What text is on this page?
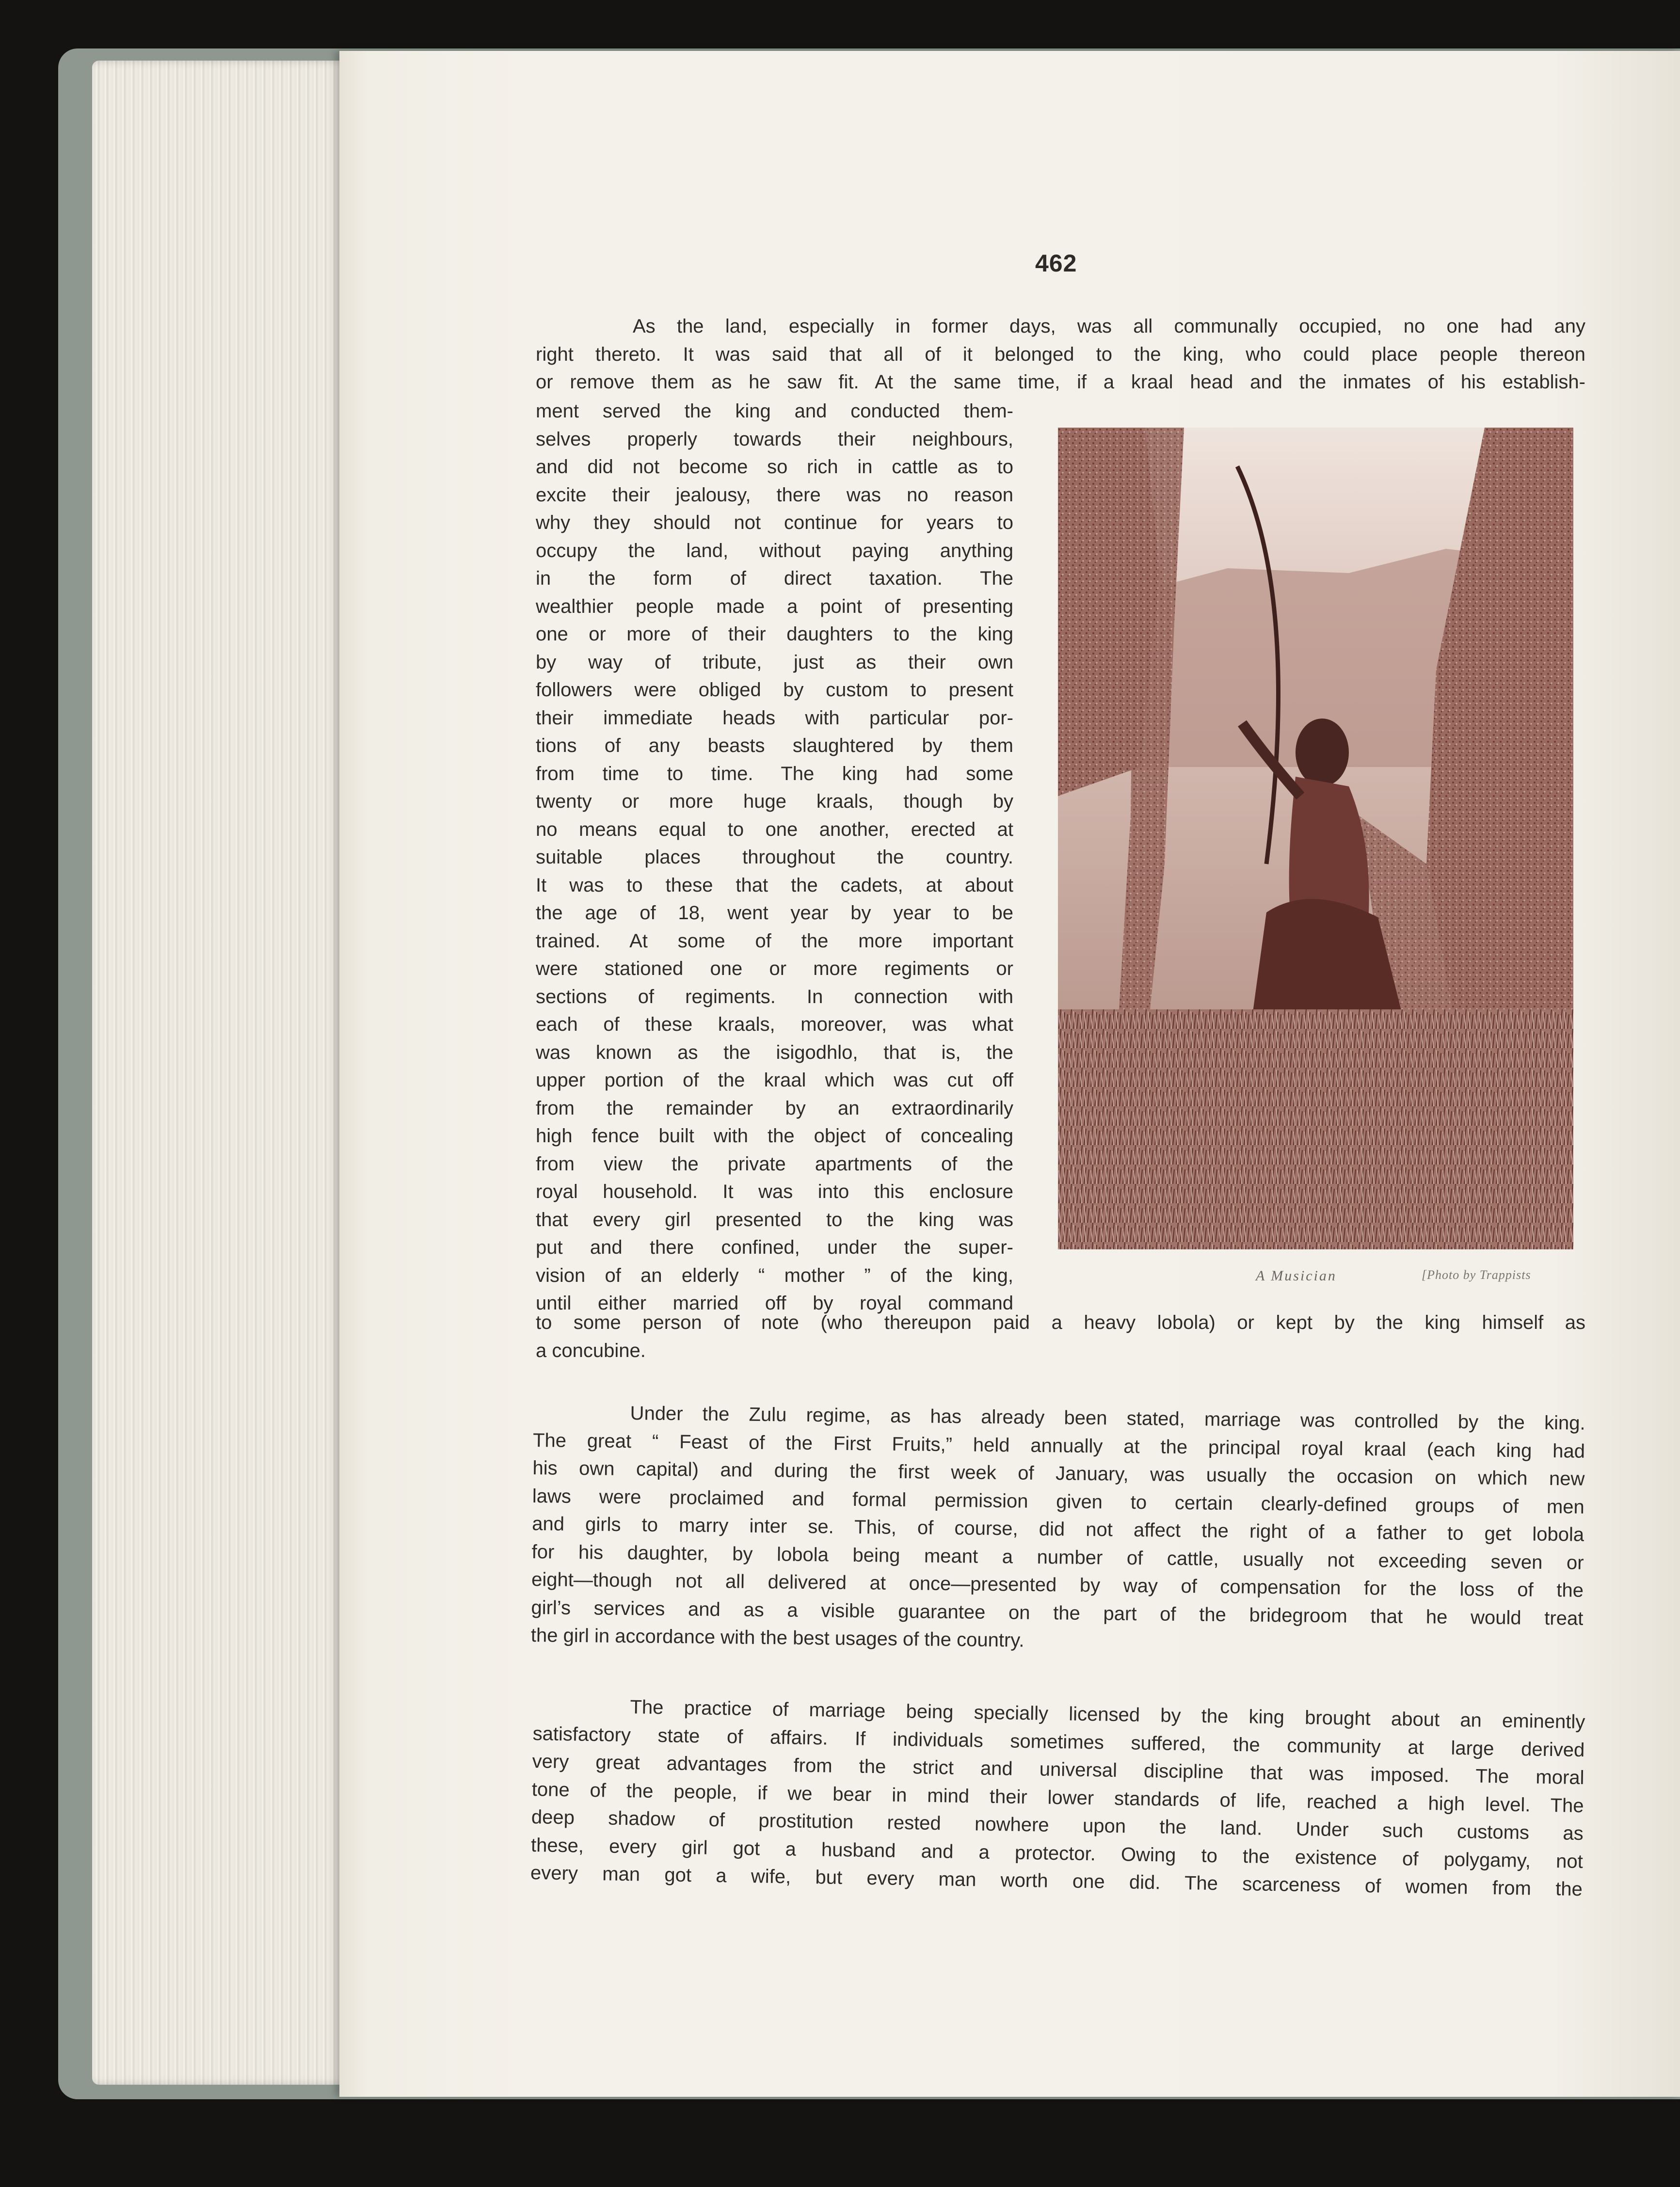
462
As the land, especially in former days, was all communally occupied, no one had any
right thereto. It was said that all of it belonged to the king, who could place people thereon
or remove them as he saw fit. At the same time, if a kraal head and the inmates of his establish-
ment served the king and conducted them-
selves properly towards their neighbours,
and did not become so rich in cattle as to
excite their jealousy, there was no reason
why they should not continue for years to
occupy the land, without paying anything
in the form of direct taxation. The
wealthier people made a point of presenting
one or more of their daughters to the king
by way of tribute, just as their own
followers were obliged by custom to present
their immediate heads with particular por-
tions of any beasts slaughtered by them
from time to time. The king had some
twenty or more huge kraals, though by
no means equal to one another, erected at
suitable places throughout the country.
It was to these that the cadets, at about
the age of 18, went year by year to be
trained. At some of the more important
were stationed one or more regiments or
sections of regiments. In connection with
each of these kraals, moreover, was what
was known as the isigodhlo, that is, the
upper portion of the kraal which was cut off
from the remainder by an extraordinarily
high fence built with the object of concealing
from view the private apartments of the
royal household. It was into this enclosure
that every girl presented to the king was
put and there confined, under the super-
vision of an elderly “ mother ” of the king,
until either married off by royal command
A Musician	[Photo by Trappists
to some person of note (who thereupon paid a heavy lobola) or kept by the king himself as
a concubine.
Under the Zulu regime, as has already been stated, marriage was controlled by the king.
The great “ Feast of the First Fruits,” held annually at the principal royal kraal (each king had
his own capital) and during the first week of January, was usually the occasion on which new
laws were proclaimed and formal permission given to certain clearly-defined groups of men
and girls to marry inter se. This, of course, did not affect the right of a father to get lobola
for his daughter, by lobola being meant a number of cattle, usually not exceeding seven or
eight—though not all delivered at once—presented by way of compensation for the loss of the
girl’s services and as a visible guarantee on the part of the bridegroom that he would treat
the girl in accordance with the best usages of the country.
The practice of marriage being specially licensed by the king brought about an eminently
satisfactory state of affairs. If individuals sometimes suffered, the community at large derived
very great advantages from the strict and universal discipline that was imposed. The moral
tone of the people, if we bear in mind their lower standards of life, reached a high level. The
deep shadow of prostitution rested nowhere upon the land. Under such customs as
these, every girl got a husband and a protector. Owing to the existence of polygamy, not
every man got a wife, but every man worth one did. The scarceness of women from the
